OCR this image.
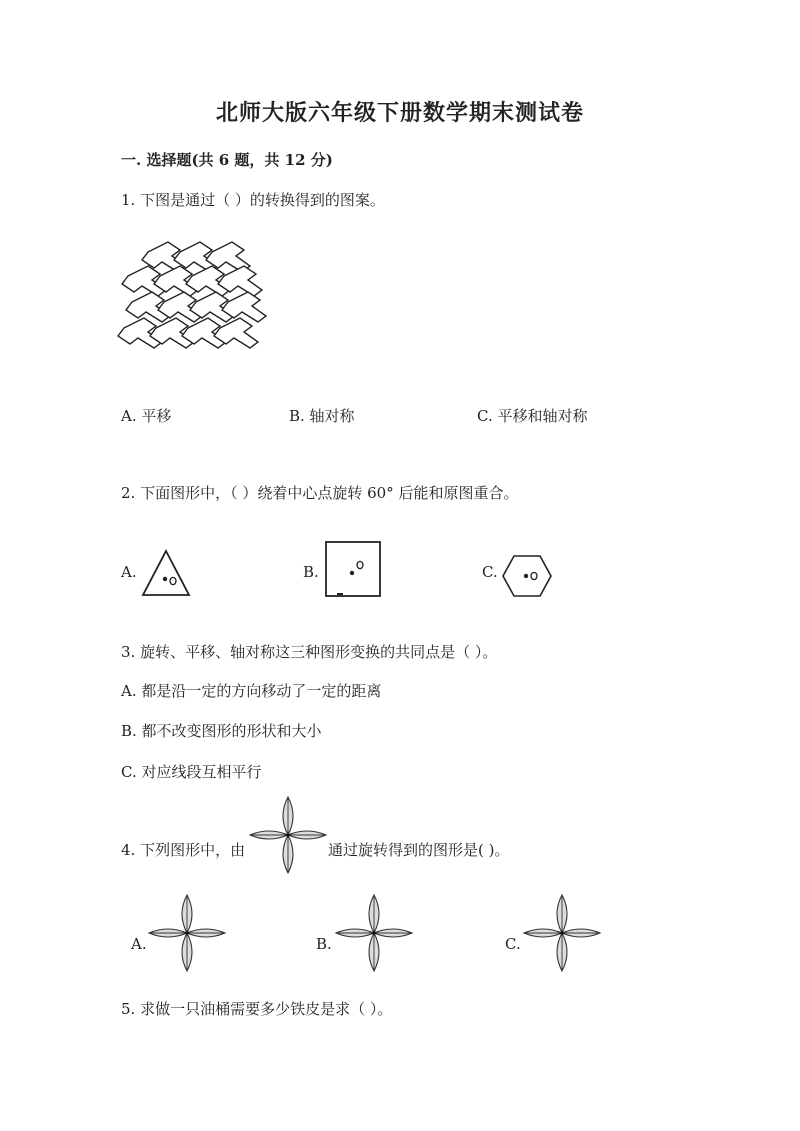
北师大版六年级下册数学期末测试卷
一. 选择题(共 6 题，共 12 分)
1. 下图是通过（ ）的转换得到的图案。
A. 平移	B. 轴对称	C. 平移和轴对称
2. 下面图形中，（ ）绕着中心点旋转 60° 后能和原图重合。
A.	B.	C.
3. 旋转、平移、轴对称这三种图形变换的共同点是（ ）。
A. 都是沿一定的方向移动了一定的距离
B. 都不改变图形的形状和大小
C. 对应线段互相平行
4. 下列图形中，由	通过旋转得到的图形是( )。
A.	B.	C.
5. 求做一只油桶需要多少铁皮是求（ ）。
